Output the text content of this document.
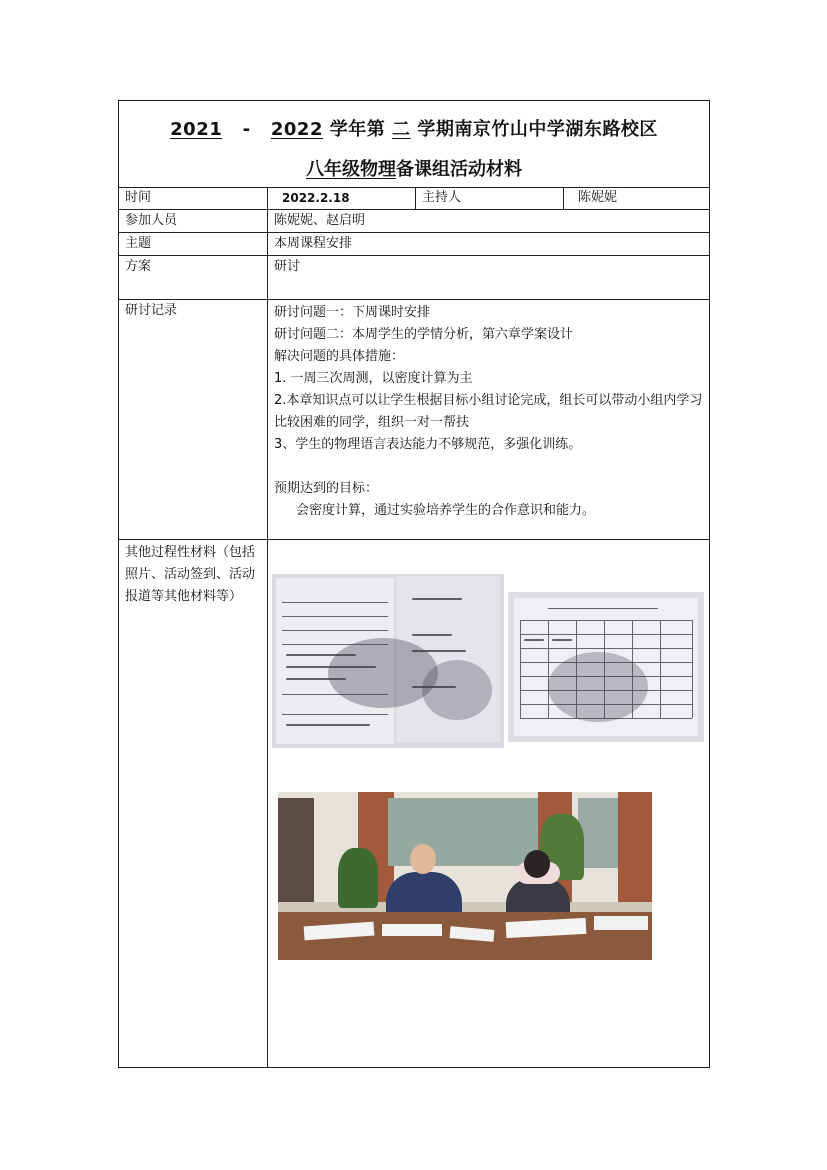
2021 - 2022 学年第 二 学期南京竹山中学湖东路校区
八年级物理备课组活动材料
时间	2022.2.18	主持人	陈妮妮
参加人员	陈妮妮、赵启明
主题	本周课程安排
方案	研讨
研讨记录	研讨问题一：下周课时安排
研讨问题二：本周学生的学情分析，第六章学案设计
解决问题的具体措施：
1. 一周三次周测，以密度计算为主
2.本章知识点可以让学生根据目标小组讨论完成，组长可以带动小组内学习比较困难的同学，组织一对一帮扶
3、学生的物理语言表达能力不够规范，多强化训练。
预期达到的目标：
会密度计算，通过实验培养学生的合作意识和能力。
其他过程性材料（包括照片、活动签到、活动报道等其他材料等）
